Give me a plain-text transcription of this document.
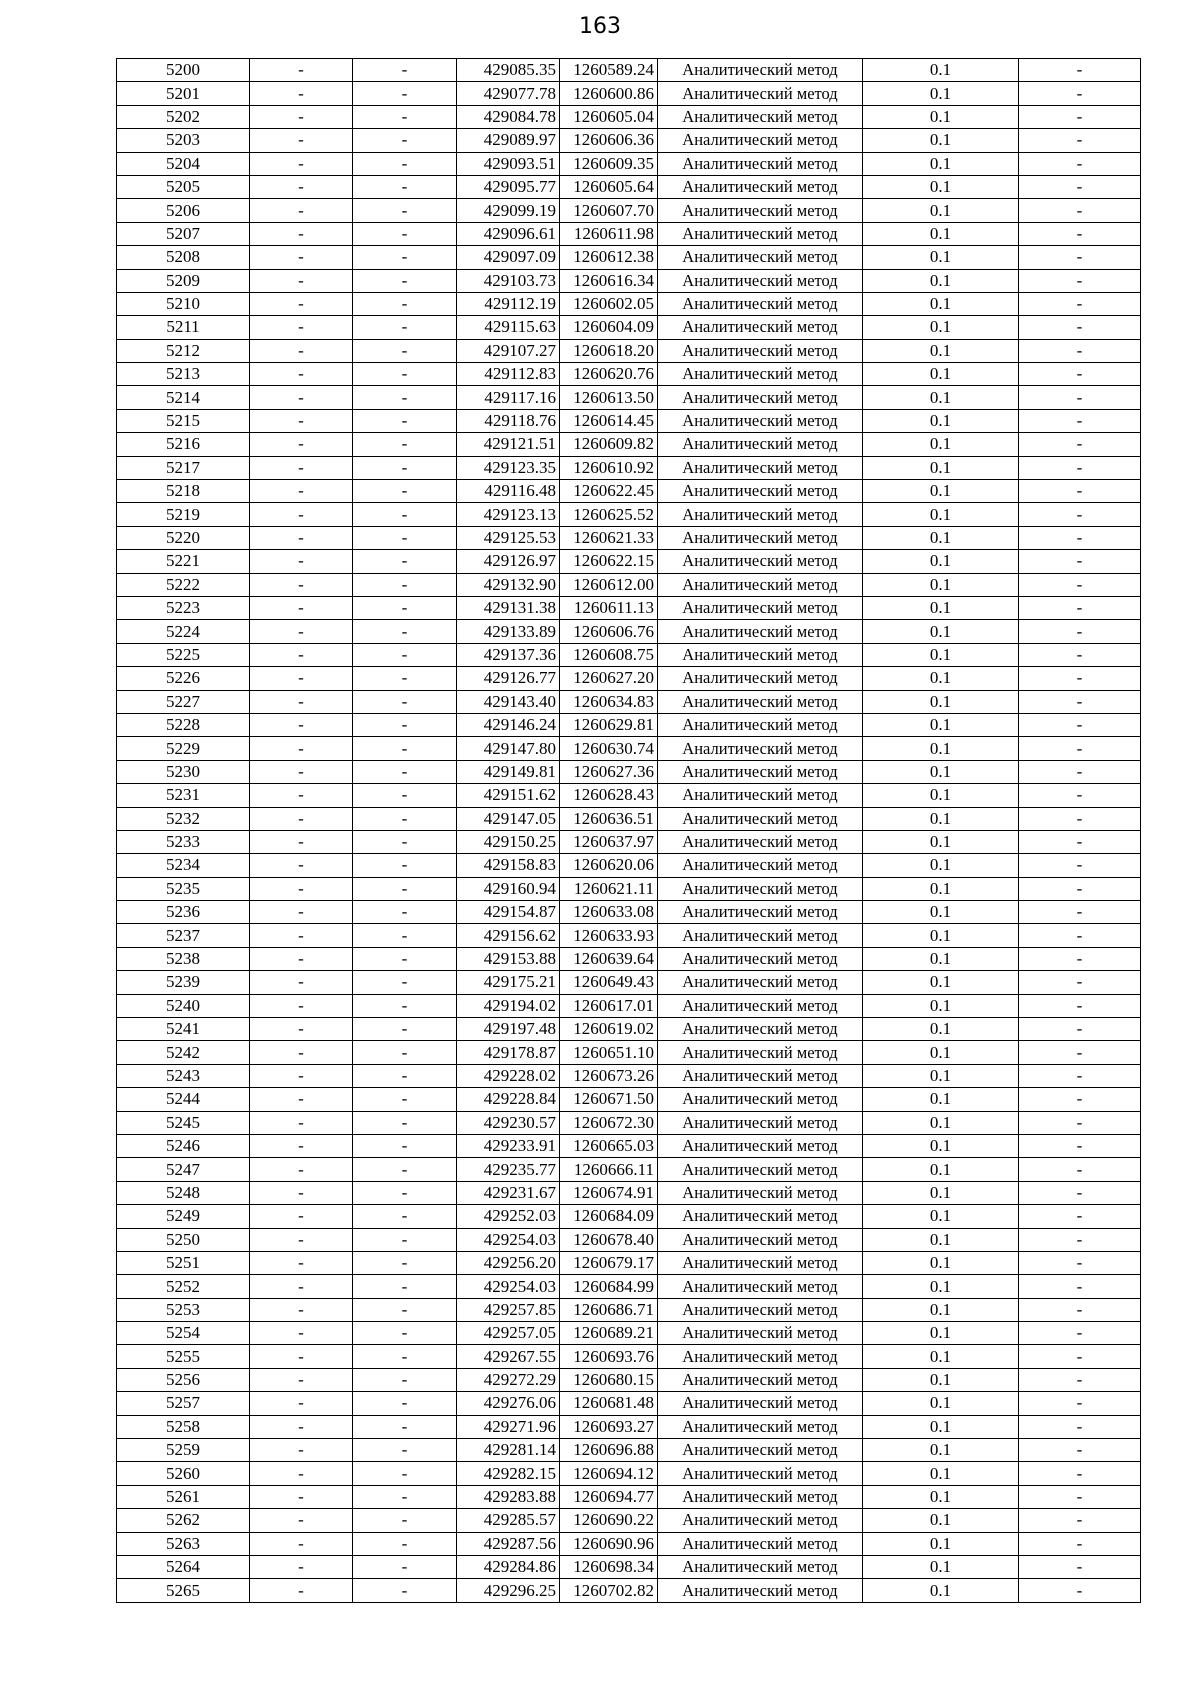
163
5200	-	-	429085.35	1260589.24	Аналитический метод	0.1	-
5201	-	-	429077.78	1260600.86	Аналитический метод	0.1	-
5202	-	-	429084.78	1260605.04	Аналитический метод	0.1	-
5203	-	-	429089.97	1260606.36	Аналитический метод	0.1	-
5204	-	-	429093.51	1260609.35	Аналитический метод	0.1	-
5205	-	-	429095.77	1260605.64	Аналитический метод	0.1	-
5206	-	-	429099.19	1260607.70	Аналитический метод	0.1	-
5207	-	-	429096.61	1260611.98	Аналитический метод	0.1	-
5208	-	-	429097.09	1260612.38	Аналитический метод	0.1	-
5209	-	-	429103.73	1260616.34	Аналитический метод	0.1	-
5210	-	-	429112.19	1260602.05	Аналитический метод	0.1	-
5211	-	-	429115.63	1260604.09	Аналитический метод	0.1	-
5212	-	-	429107.27	1260618.20	Аналитический метод	0.1	-
5213	-	-	429112.83	1260620.76	Аналитический метод	0.1	-
5214	-	-	429117.16	1260613.50	Аналитический метод	0.1	-
5215	-	-	429118.76	1260614.45	Аналитический метод	0.1	-
5216	-	-	429121.51	1260609.82	Аналитический метод	0.1	-
5217	-	-	429123.35	1260610.92	Аналитический метод	0.1	-
5218	-	-	429116.48	1260622.45	Аналитический метод	0.1	-
5219	-	-	429123.13	1260625.52	Аналитический метод	0.1	-
5220	-	-	429125.53	1260621.33	Аналитический метод	0.1	-
5221	-	-	429126.97	1260622.15	Аналитический метод	0.1	-
5222	-	-	429132.90	1260612.00	Аналитический метод	0.1	-
5223	-	-	429131.38	1260611.13	Аналитический метод	0.1	-
5224	-	-	429133.89	1260606.76	Аналитический метод	0.1	-
5225	-	-	429137.36	1260608.75	Аналитический метод	0.1	-
5226	-	-	429126.77	1260627.20	Аналитический метод	0.1	-
5227	-	-	429143.40	1260634.83	Аналитический метод	0.1	-
5228	-	-	429146.24	1260629.81	Аналитический метод	0.1	-
5229	-	-	429147.80	1260630.74	Аналитический метод	0.1	-
5230	-	-	429149.81	1260627.36	Аналитический метод	0.1	-
5231	-	-	429151.62	1260628.43	Аналитический метод	0.1	-
5232	-	-	429147.05	1260636.51	Аналитический метод	0.1	-
5233	-	-	429150.25	1260637.97	Аналитический метод	0.1	-
5234	-	-	429158.83	1260620.06	Аналитический метод	0.1	-
5235	-	-	429160.94	1260621.11	Аналитический метод	0.1	-
5236	-	-	429154.87	1260633.08	Аналитический метод	0.1	-
5237	-	-	429156.62	1260633.93	Аналитический метод	0.1	-
5238	-	-	429153.88	1260639.64	Аналитический метод	0.1	-
5239	-	-	429175.21	1260649.43	Аналитический метод	0.1	-
5240	-	-	429194.02	1260617.01	Аналитический метод	0.1	-
5241	-	-	429197.48	1260619.02	Аналитический метод	0.1	-
5242	-	-	429178.87	1260651.10	Аналитический метод	0.1	-
5243	-	-	429228.02	1260673.26	Аналитический метод	0.1	-
5244	-	-	429228.84	1260671.50	Аналитический метод	0.1	-
5245	-	-	429230.57	1260672.30	Аналитический метод	0.1	-
5246	-	-	429233.91	1260665.03	Аналитический метод	0.1	-
5247	-	-	429235.77	1260666.11	Аналитический метод	0.1	-
5248	-	-	429231.67	1260674.91	Аналитический метод	0.1	-
5249	-	-	429252.03	1260684.09	Аналитический метод	0.1	-
5250	-	-	429254.03	1260678.40	Аналитический метод	0.1	-
5251	-	-	429256.20	1260679.17	Аналитический метод	0.1	-
5252	-	-	429254.03	1260684.99	Аналитический метод	0.1	-
5253	-	-	429257.85	1260686.71	Аналитический метод	0.1	-
5254	-	-	429257.05	1260689.21	Аналитический метод	0.1	-
5255	-	-	429267.55	1260693.76	Аналитический метод	0.1	-
5256	-	-	429272.29	1260680.15	Аналитический метод	0.1	-
5257	-	-	429276.06	1260681.48	Аналитический метод	0.1	-
5258	-	-	429271.96	1260693.27	Аналитический метод	0.1	-
5259	-	-	429281.14	1260696.88	Аналитический метод	0.1	-
5260	-	-	429282.15	1260694.12	Аналитический метод	0.1	-
5261	-	-	429283.88	1260694.77	Аналитический метод	0.1	-
5262	-	-	429285.57	1260690.22	Аналитический метод	0.1	-
5263	-	-	429287.56	1260690.96	Аналитический метод	0.1	-
5264	-	-	429284.86	1260698.34	Аналитический метод	0.1	-
5265	-	-	429296.25	1260702.82	Аналитический метод	0.1	-
